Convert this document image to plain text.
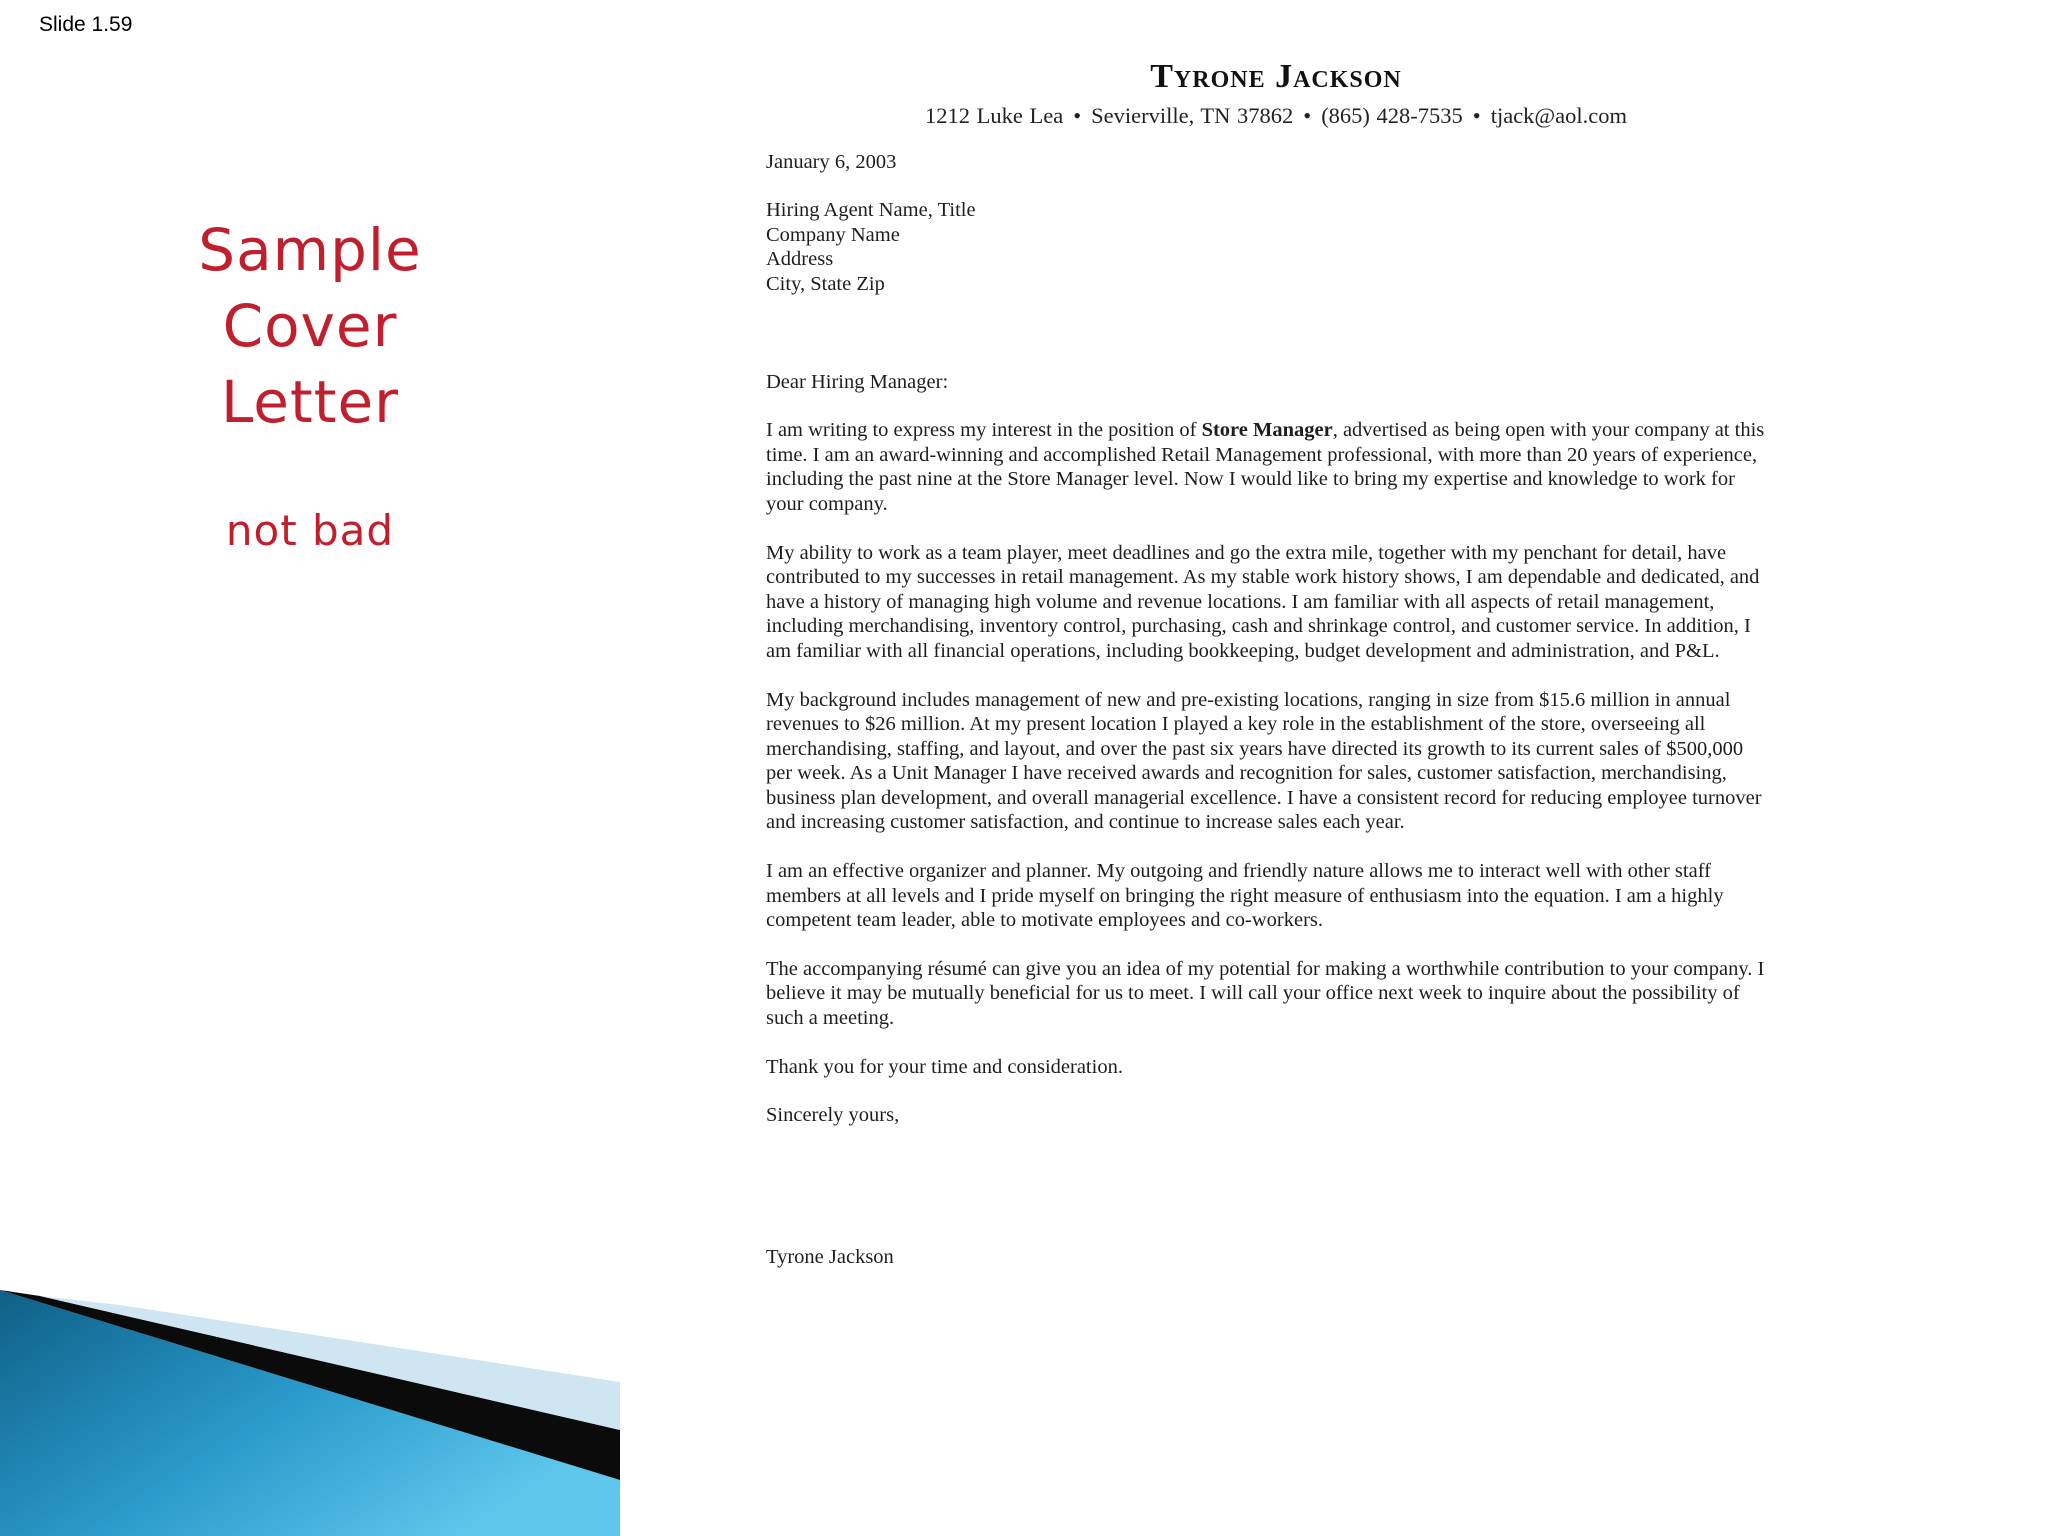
Slide 1.59
Sample
Cover
Letter
not bad
Tyrone Jackson
1212 Luke Lea • Sevierville, TN 37862 • (865) 428-7535 • tjack@aol.com
January 6, 2003
Hiring Agent Name, Title
Company Name
Address
City, State Zip
Dear Hiring Manager:
I am writing to express my interest in the position of Store Manager, advertised as being open with your company at this time. I am an award-winning and accomplished Retail Management professional, with more than 20 years of experience, including the past nine at the Store Manager level. Now I would like to bring my expertise and knowledge to work for your company.
My ability to work as a team player, meet deadlines and go the extra mile, together with my penchant for detail, have contributed to my successes in retail management. As my stable work history shows, I am dependable and dedicated, and have a history of managing high volume and revenue locations. I am familiar with all aspects of retail management, including merchandising, inventory control, purchasing, cash and shrinkage control, and customer service. In addition, I am familiar with all financial operations, including bookkeeping, budget development and administration, and P&L.
My background includes management of new and pre-existing locations, ranging in size from $15.6 million in annual revenues to $26 million. At my present location I played a key role in the establishment of the store, overseeing all merchandising, staffing, and layout, and over the past six years have directed its growth to its current sales of $500,000 per week. As a Unit Manager I have received awards and recognition for sales, customer satisfaction, merchandising, business plan development, and overall managerial excellence. I have a consistent record for reducing employee turnover and increasing customer satisfaction, and continue to increase sales each year.
I am an effective organizer and planner. My outgoing and friendly nature allows me to interact well with other staff members at all levels and I pride myself on bringing the right measure of enthusiasm into the equation. I am a highly competent team leader, able to motivate employees and co-workers.
The accompanying résumé can give you an idea of my potential for making a worthwhile contribution to your company. I believe it may be mutually beneficial for us to meet. I will call your office next week to inquire about the possibility of such a meeting.
Thank you for your time and consideration.
Sincerely yours,
Tyrone Jackson
